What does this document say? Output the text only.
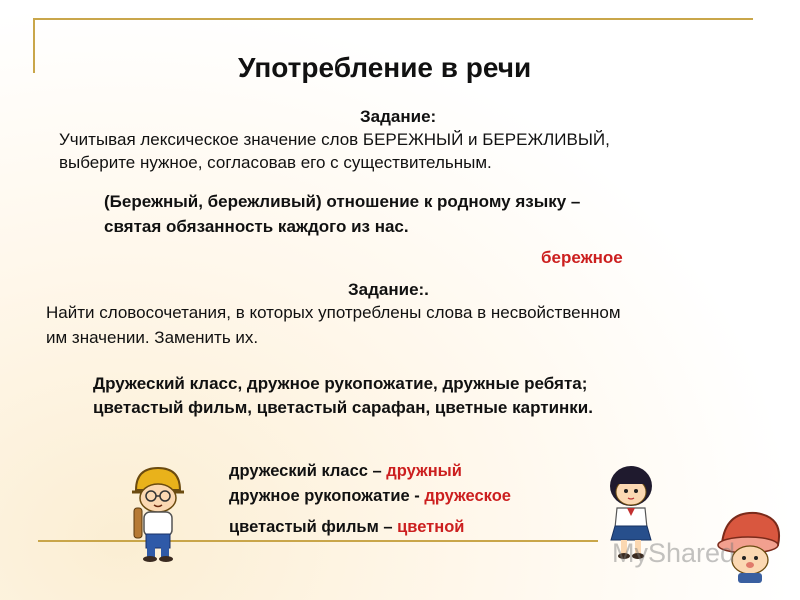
Употребление в речи
Задание:
Учитывая лексическое значение слов БЕРЕЖНЫЙ и БЕРЕЖЛИВЫЙ,
выберите нужное, согласовав его с существительным.
(Бережный, бережливый) отношение к родному языку –
святая обязанность каждого из нас.
бережное
Задание:.
Найти словосочетания, в которых употреблены слова в несвойственном
им значении. Заменить их.
Дружеский класс, дружное рукопожатие, дружные ребята;
цветастый фильм, цветастый сарафан, цветные картинки.
дружеский класс – дружный
дружное рукопожатие - дружеское
цветастый фильм – цветной
MyShared
